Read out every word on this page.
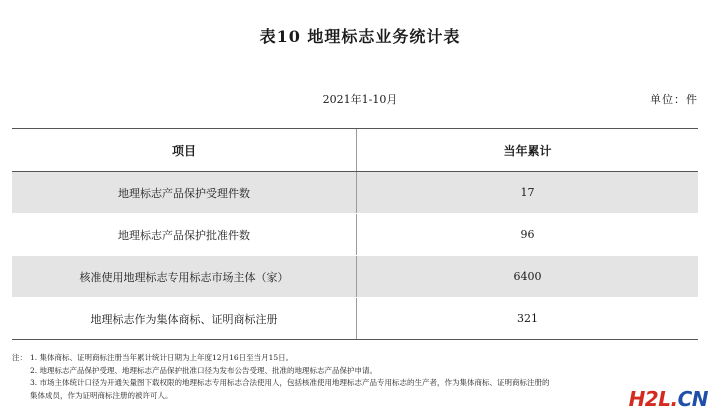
表10 地理标志业务统计表
2021年1-10月	单位：件
项目	当年累计
地理标志产品保护受理件数	17
地理标志产品保护批准件数	96
核准使用地理标志专用标志市场主体（家）	6400
地理标志作为集体商标、证明商标注册	321
注： 1. 集体商标、证明商标注册当年累计统计日期为上年度12月16日至当月15日。
2. 地理标志产品保护受理、地理标志产品保护批准口径为发布公告受理、批准的地理标志产品保护申请。
3. 市场主体统计口径为开通矢量图下载权限的地理标志专用标志合法使用人，包括核准使用地理标志产品专用标志的生产者，作为集体商标、证明商标注册的
集体成员，作为证明商标注册的被许可人。	H2L.CN
